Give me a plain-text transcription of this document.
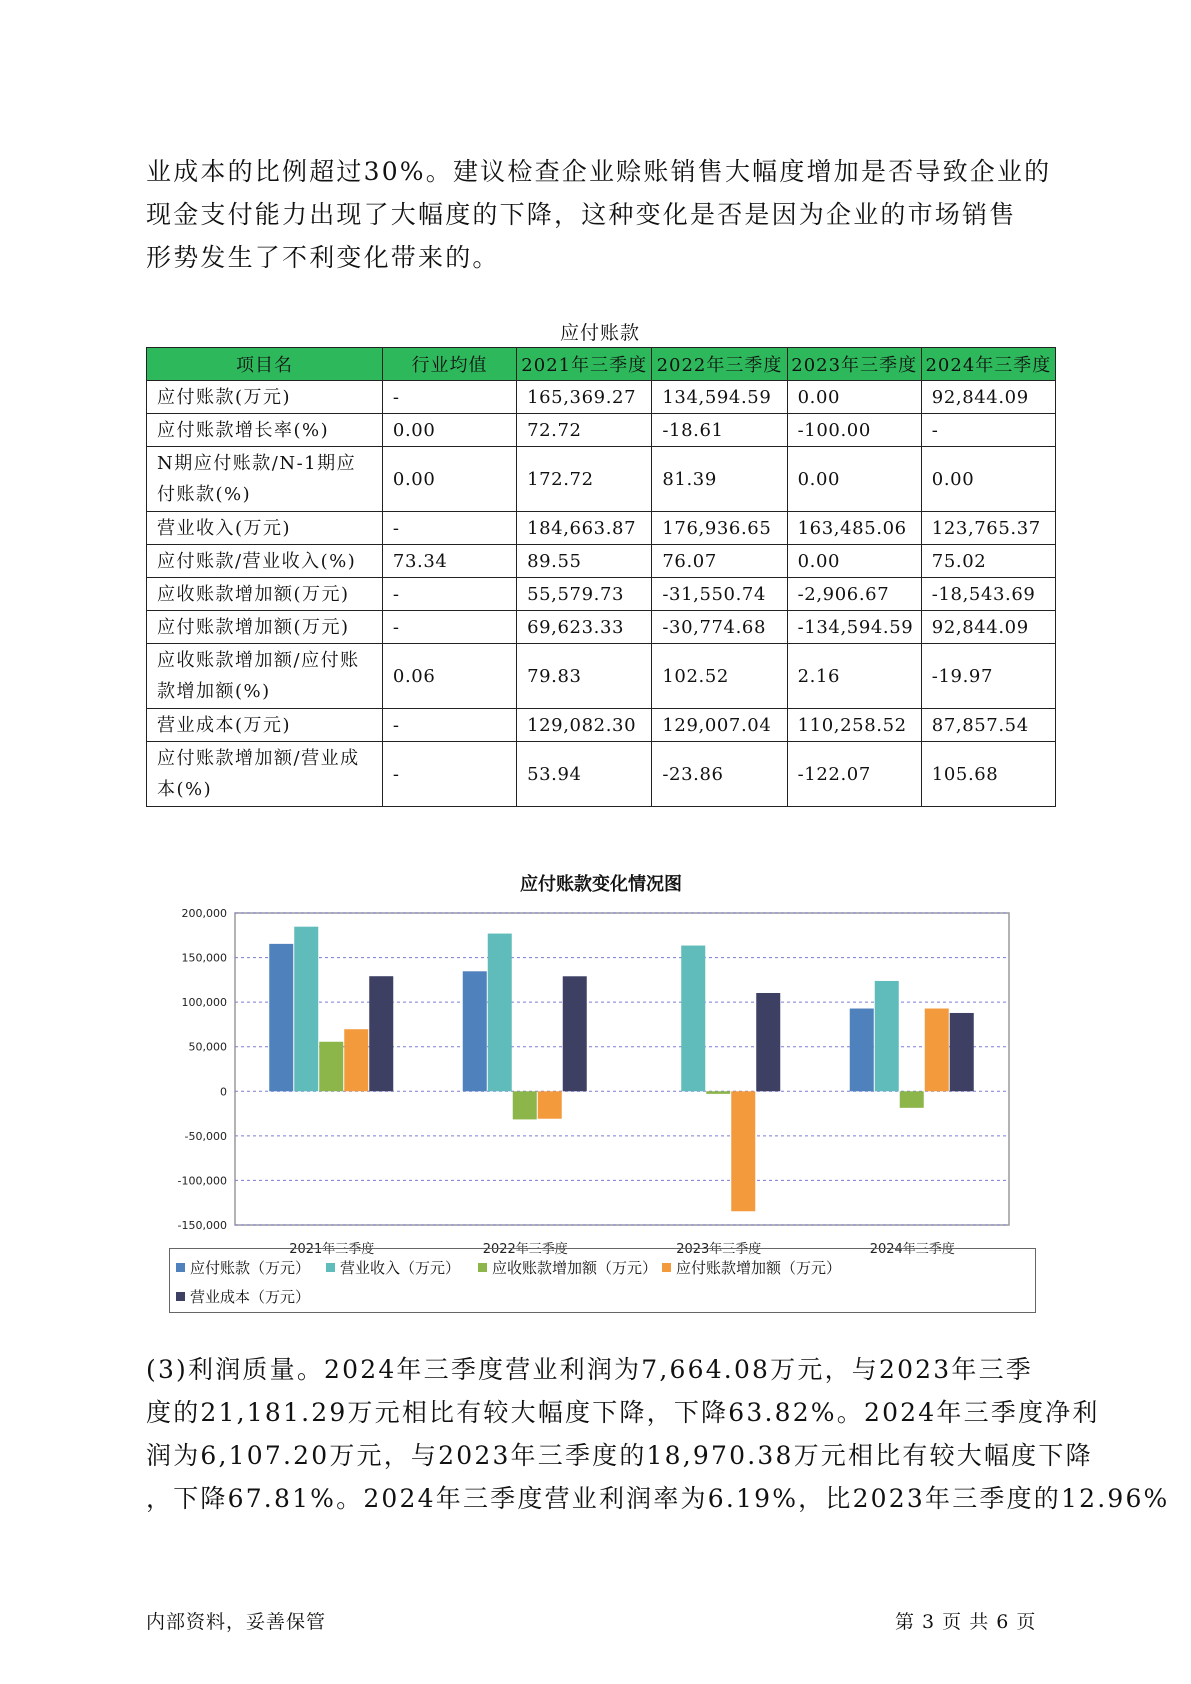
业成本的比例超过30%。建议检查企业赊账销售大幅度增加是否导致企业的
现金支付能力出现了大幅度的下降，这种变化是否是因为企业的市场销售
形势发生了不利变化带来的。
应付账款
项目名	行业均值	2021年三季度	2022年三季度	2023年三季度	2024年三季度
应付账款(万元)	-	165,369.27	134,594.59	0.00	92,844.09
应付账款增长率(%)	0.00	72.72	-18.61	-100.00	-
N期应付账款/N-1期应付账款(%)	0.00	172.72	81.39	0.00	0.00
营业收入(万元)	-	184,663.87	176,936.65	163,485.06	123,765.37
应付账款/营业收入(%)	73.34	89.55	76.07	0.00	75.02
应收账款增加额(万元)	-	55,579.73	-31,550.74	-2,906.67	-18,543.69
应付账款增加额(万元)	-	69,623.33	-30,774.68	-134,594.59	92,844.09
应收账款增加额/应付账款增加额(%)	0.06	79.83	102.52	2.16	-19.97
营业成本(万元)	-	129,082.30	129,007.04	110,258.52	87,857.54
应付账款增加额/营业成本(%)	-	53.94	-23.86	-122.07	105.68
应付账款变化情况图
-150,000
-100,000
-50,000
0
50,000
100,000
150,000
200,000
2021年三季度	2022年三季度	2023年三季度	2024年三季度
应付账款（万元） 营业收入（万元） 应收账款增加额（万元） 应付账款增加额（万元）
营业成本（万元）
(3)利润质量。2024年三季度营业利润为7,664.08万元，与2023年三季
度的21,181.29万元相比有较大幅度下降，下降63.82%。2024年三季度净利
润为6,107.20万元，与2023年三季度的18,970.38万元相比有较大幅度下降
，下降67.81%。2024年三季度营业利润率为6.19%，比2023年三季度的12.96%
内部资料，妥善保管	第 3 页 共 6 页
